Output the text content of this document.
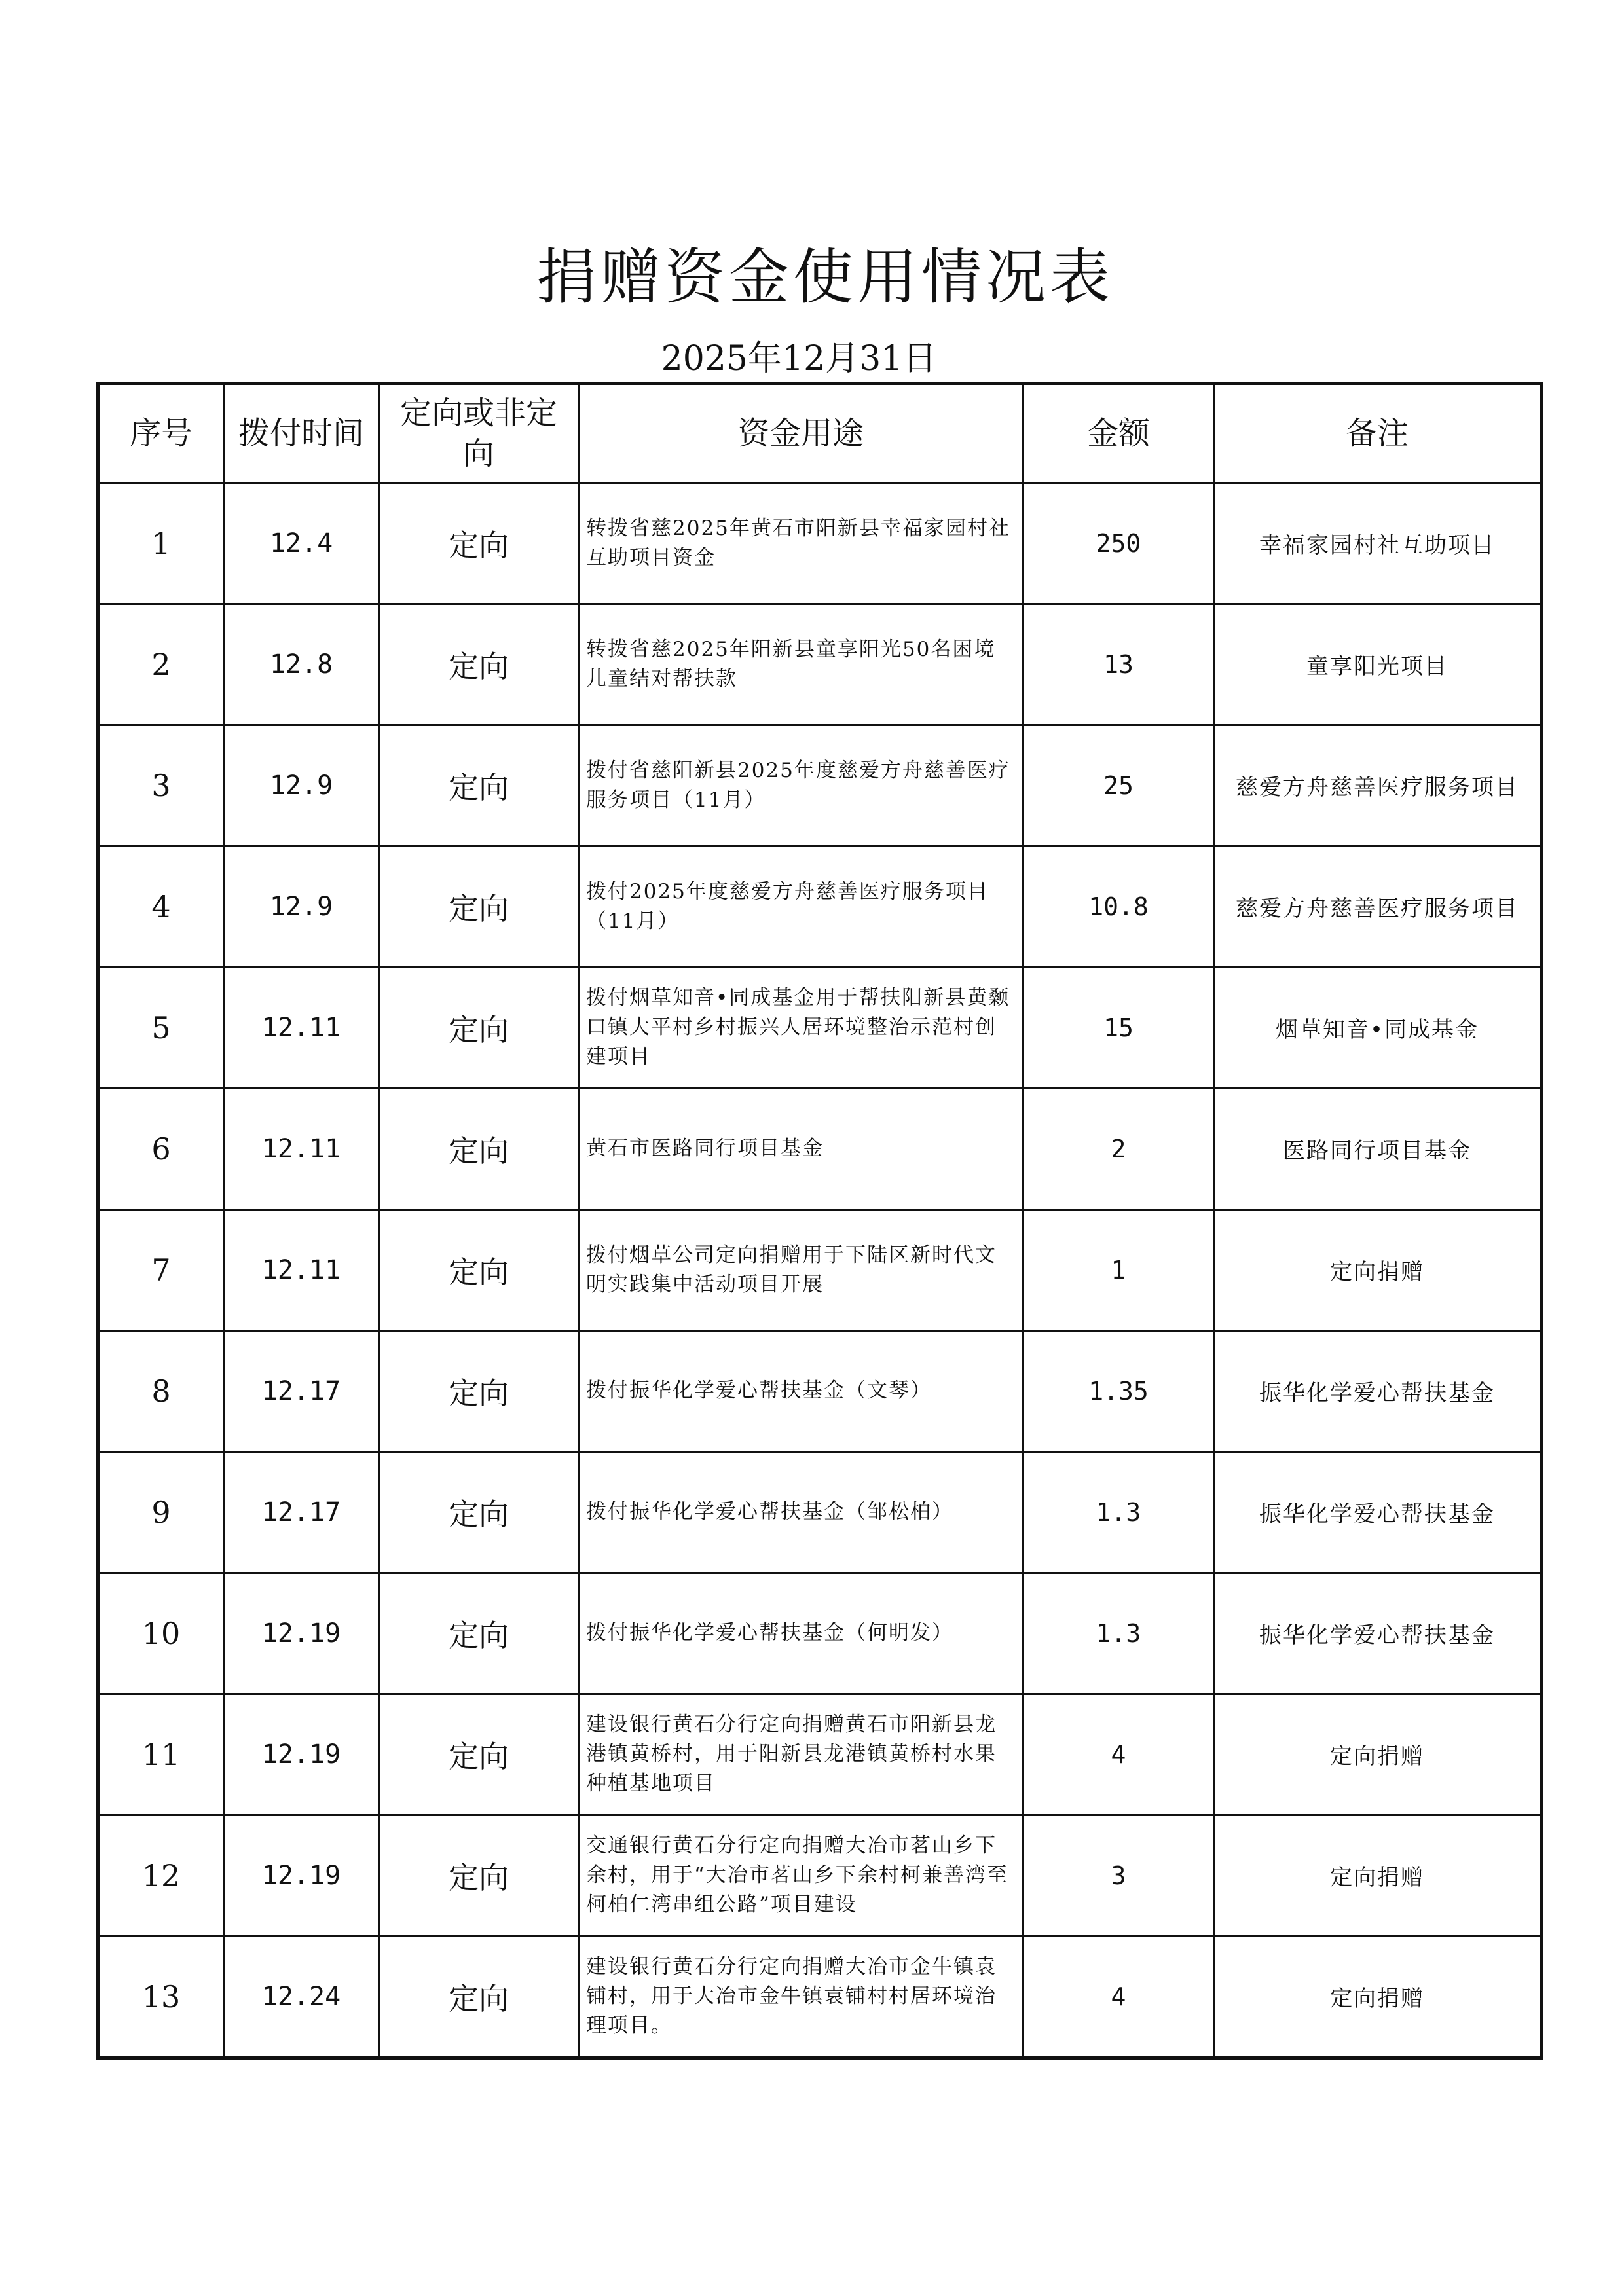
捐赠资金使用情况表
2025年12月31日
序号	拨付时间	定向或非定向	资金用途	金额	备注
1	12.4	定向	转拨省慈2025年黄石市阳新县幸福家园村社互助项目资金	250	幸福家园村社互助项目
2	12.8	定向	转拨省慈2025年阳新县童享阳光50名困境儿童结对帮扶款	13	童享阳光项目
3	12.9	定向	拨付省慈阳新县2025年度慈爱方舟慈善医疗服务项目（11月）	25	慈爱方舟慈善医疗服务项目
4	12.9	定向	拨付2025年度慈爱方舟慈善医疗服务项目（11月）	10.8	慈爱方舟慈善医疗服务项目
5	12.11	定向	拨付烟草知音•同成基金用于帮扶阳新县黄颡口镇大平村乡村振兴人居环境整治示范村创建项目	15	烟草知音•同成基金
6	12.11	定向	黄石市医路同行项目基金	2	医路同行项目基金
7	12.11	定向	拨付烟草公司定向捐赠用于下陆区新时代文明实践集中活动项目开展	1	定向捐赠
8	12.17	定向	拨付振华化学爱心帮扶基金（文琴）	1.35	振华化学爱心帮扶基金
9	12.17	定向	拨付振华化学爱心帮扶基金（邹松柏）	1.3	振华化学爱心帮扶基金
10	12.19	定向	拨付振华化学爱心帮扶基金（何明发）	1.3	振华化学爱心帮扶基金
11	12.19	定向	建设银行黄石分行定向捐赠黄石市阳新县龙港镇黄桥村，用于阳新县龙港镇黄桥村水果种植基地项目	4	定向捐赠
12	12.19	定向	交通银行黄石分行定向捐赠大冶市茗山乡下余村，用于“大冶市茗山乡下余村柯兼善湾至柯柏仁湾串组公路”项目建设	3	定向捐赠
13	12.24	定向	建设银行黄石分行定向捐赠大冶市金牛镇袁铺村，用于大冶市金牛镇袁铺村村居环境治理项目。	4	定向捐赠
